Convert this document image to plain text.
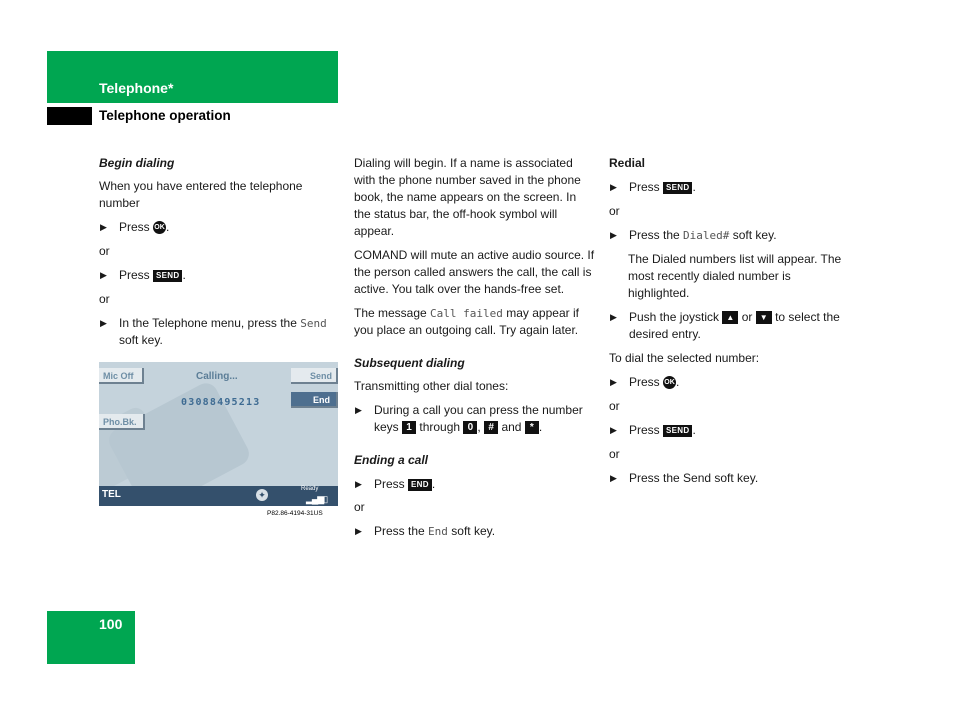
Telephone*
Telephone operation

Begin dialing

When you have entered the telephone number

▶ Press OK.

or

▶ Press SEND .

or

▶ In the Telephone menu, press the Send soft key.

Mic Off
Pho.Bk.
Send
End
Calling...
03088495213
TEL	✦
Ready
▂▄▆▯
P82.86-4194-31US

Dialing will begin. If a name is associated with the phone number saved in the phone book, the name appears on the screen. In the status bar, the off-hook symbol will appear.

COMAND will mute an active audio source. If the person called answers the call, the call is active. You talk over the hands-free set.

The message Call failed may appear if you place an outgoing call. Try again later.

Subsequent dialing

Transmitting other dial tones:

▶ During a call you can press the number keys 1 through 0 , # and * .

Ending a call

▶ Press END .

or

▶ Press the End soft key.

Redial

▶ Press SEND .

or

▶ Press the Dialed# soft key.

The Dialed numbers list will appear. The most recently dialed number is highlighted.

▶ Push the joystick ▲ or ▼ to select the desired entry.

To dial the selected number:

▶ Press OK.

or

▶ Press SEND .

or

▶ Press the Send soft key.

100
